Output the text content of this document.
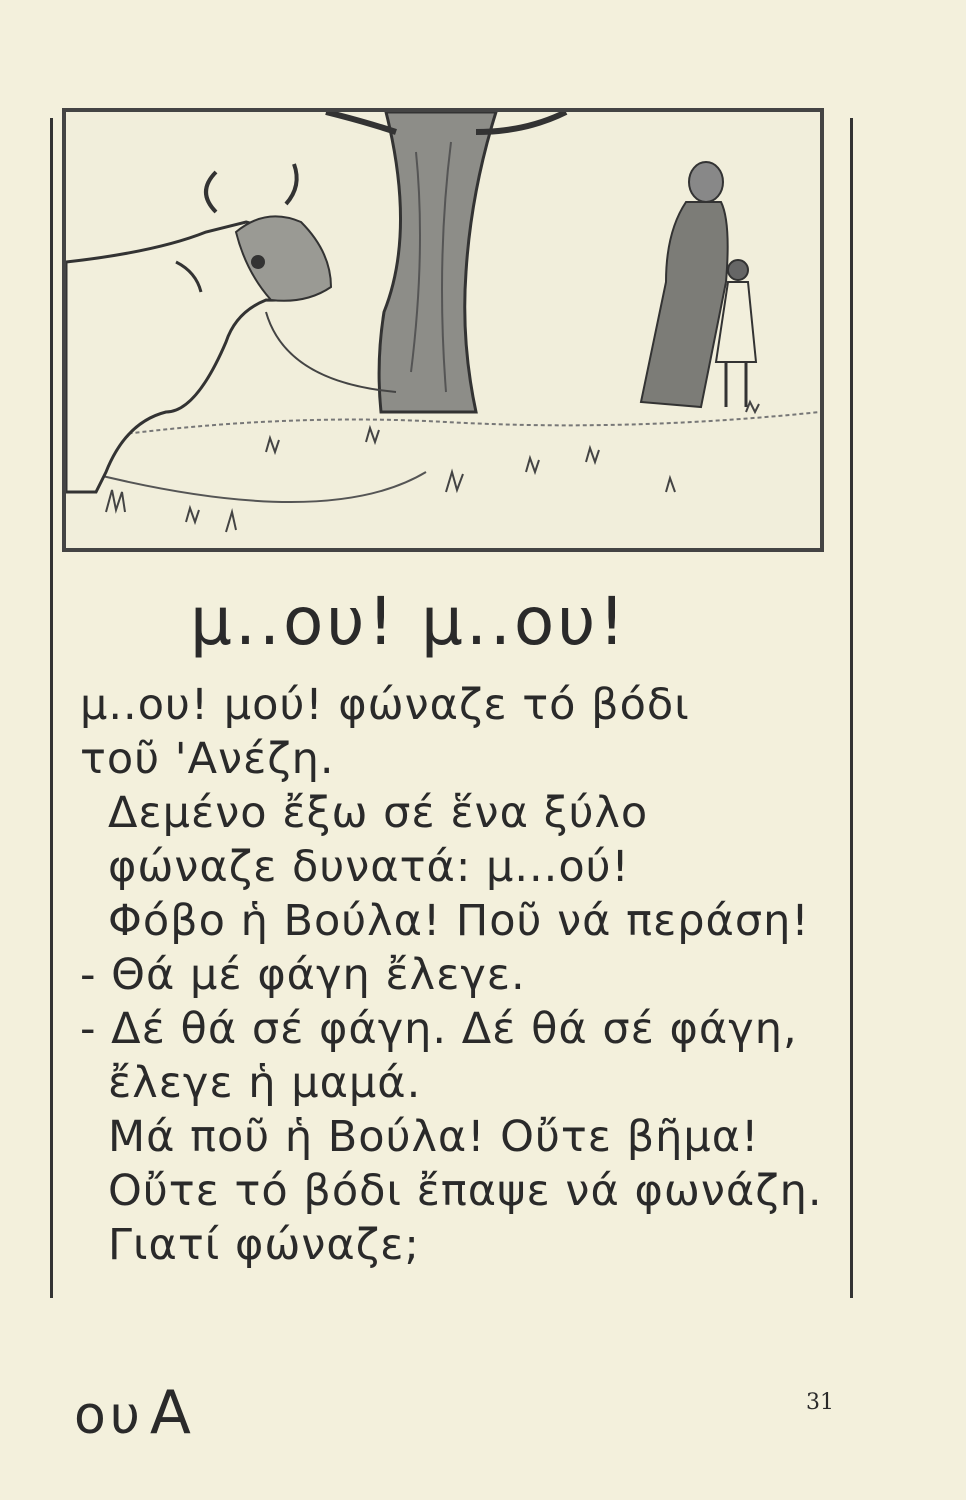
μ..ου! μ..ου!
μ..ου! μού! φώναζε τό βόδι
τοῦ 'Ανέζη.
Δεμένο ἔξω σέ ἕνα ξύλο
φώναζε δυνατά: μ...ού!
Φόβο ἡ Βούλα! Ποῦ νά περάση!
- Θά μέ φάγη ἔλεγε.
- Δέ θά σέ φάγη. Δέ θά σέ φάγη,
ἔλεγε ἡ μαμά.
Μά ποῦ ἡ Βούλα! Οὔτε βῆμα!
Οὔτε τό βόδι ἔπαψε νά φωνάζη.
Γιατί φώναζε;
ου Α	31
